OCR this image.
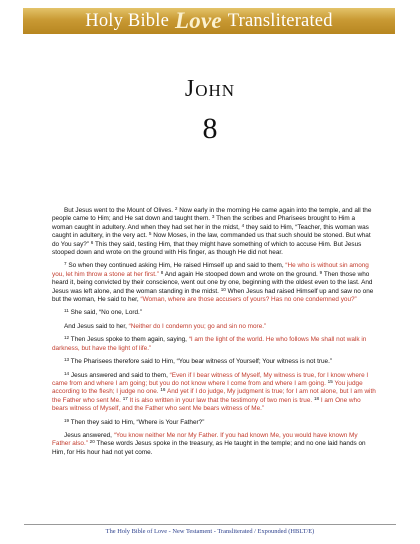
Holy Bible Love Transliterated
John
8

But Jesus went to the Mount of Olives. $^2$ Now early in the morning He came again into the temple, and all the people came to Him; and He sat down and taught them. $^3$ Then the scribes and Pharisees brought to Him a woman caught in adultery. And when they had set her in the midst, $^4$ they said to Him, “Teacher, this woman was caught in adultery, in the very act. $^5$ Now Moses, in the law, commanded us that such should be stoned. But what do You say?” $^6$ This they said, testing Him, that they might have something of which to accuse Him. But Jesus stooped down and wrote on the ground with His finger, as though He did not hear.

$^7$ So when they continued asking Him, He raised Himself up and said to them, “He who is without sin among you, let him throw a stone at her first.” $^8$ And again He stooped down and wrote on the ground. $^9$ Then those who heard it, being convicted by their conscience, went out one by one, beginning with the oldest even to the last. And Jesus was left alone, and the woman standing in the midst. $^{10}$ When Jesus had raised Himself up and saw no one but the woman, He said to her, “Woman, where are those accusers of yours? Has no one condemned you?”

$^{11}$ She said, “No one, Lord.”

And Jesus said to her, “Neither do I condemn you; go and sin no more.”

$^{12}$ Then Jesus spoke to them again, saying, “I am the light of the world. He who follows Me shall not walk in darkness, but have the light of life.”

$^{13}$ The Pharisees therefore said to Him, “You bear witness of Yourself; Your witness is not true.”

$^{14}$ Jesus answered and said to them, “Even if I bear witness of Myself, My witness is true, for I know where I came from and where I am going; but you do not know where I come from and where I am going. $^{15}$ You judge according to the flesh; I judge no one. $^{16}$ And yet if I do judge, My judgment is true; for I am not alone, but I am with the Father who sent Me. $^{17}$ It is also written in your law that the testimony of two men is true. $^{18}$ I am One who bears witness of Myself, and the Father who sent Me bears witness of Me.”

$^{19}$ Then they said to Him, “Where is Your Father?”

Jesus answered, “You know neither Me nor My Father. If you had known Me, you would have known My Father also.” $^{20}$ These words Jesus spoke in the treasury, as He taught in the temple; and no one laid hands on Him, for His hour had not yet come.

The Holy Bible of Love - New Testament - Transliterated / Expounded (HBLT/E)
